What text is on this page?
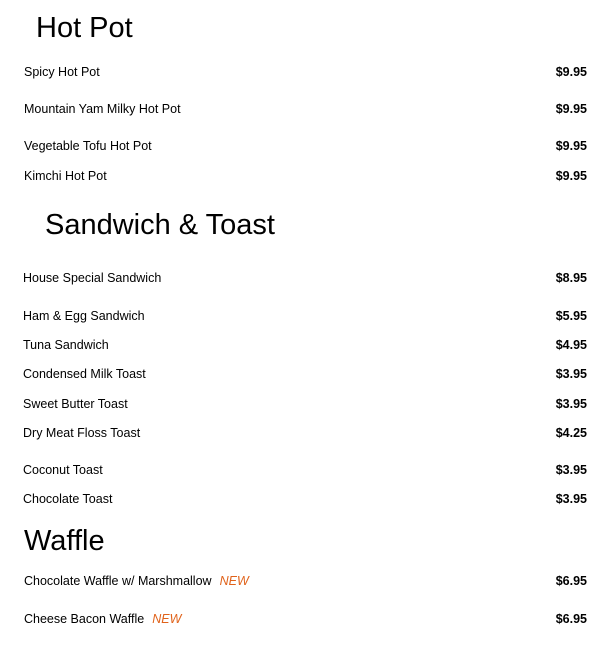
Hot Pot
Spicy Hot Pot	$9.95
Mountain Yam Milky Hot Pot	$9.95
Vegetable Tofu Hot Pot	$9.95
Kimchi Hot Pot	$9.95
Sandwich & Toast
House Special Sandwich	$8.95
Ham & Egg Sandwich	$5.95
Tuna Sandwich	$4.95
Condensed Milk Toast	$3.95
Sweet Butter Toast	$3.95
Dry Meat Floss Toast	$4.25
Coconut Toast	$3.95
Chocolate Toast	$3.95
Waffle
Chocolate Waffle w/ Marshmallow NEW	$6.95
Cheese Bacon Waffle NEW	$6.95
